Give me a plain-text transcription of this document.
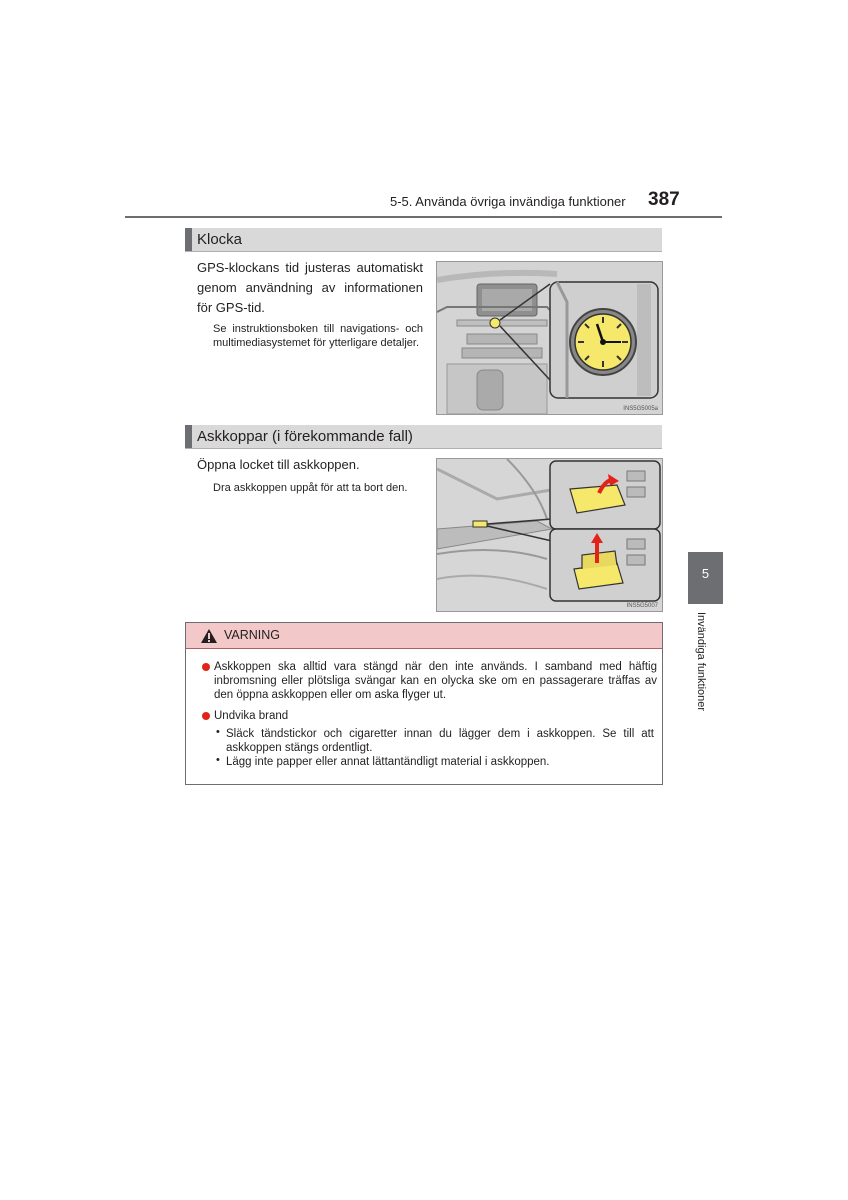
5-5. Använda övriga invändiga funktioner 387
Klocka
GPS-klockans tid justeras automatiskt genom användning av informationen för GPS-tid.
Se instruktionsboken till navigations- och multimediasystemet för ytterligare detaljer.
INS5G5005a
Askkoppar (i förekommande fall)
Öppna locket till askkoppen.
Dra askkoppen uppåt för att ta bort den.
INS5G5007
VARNING
Askkoppen ska alltid vara stängd när den inte används. I samband med häftig inbromsning eller plötsliga svängar kan en olycka ske om en passagerare träffas av den öppna askkoppen eller om aska flyger ut.
Undvika brand
• Släck tändstickor och cigaretter innan du lägger dem i askkoppen. Se till att askkoppen stängs ordentligt.
• Lägg inte papper eller annat lättantändligt material i askkoppen.
5
Invändiga funktioner
